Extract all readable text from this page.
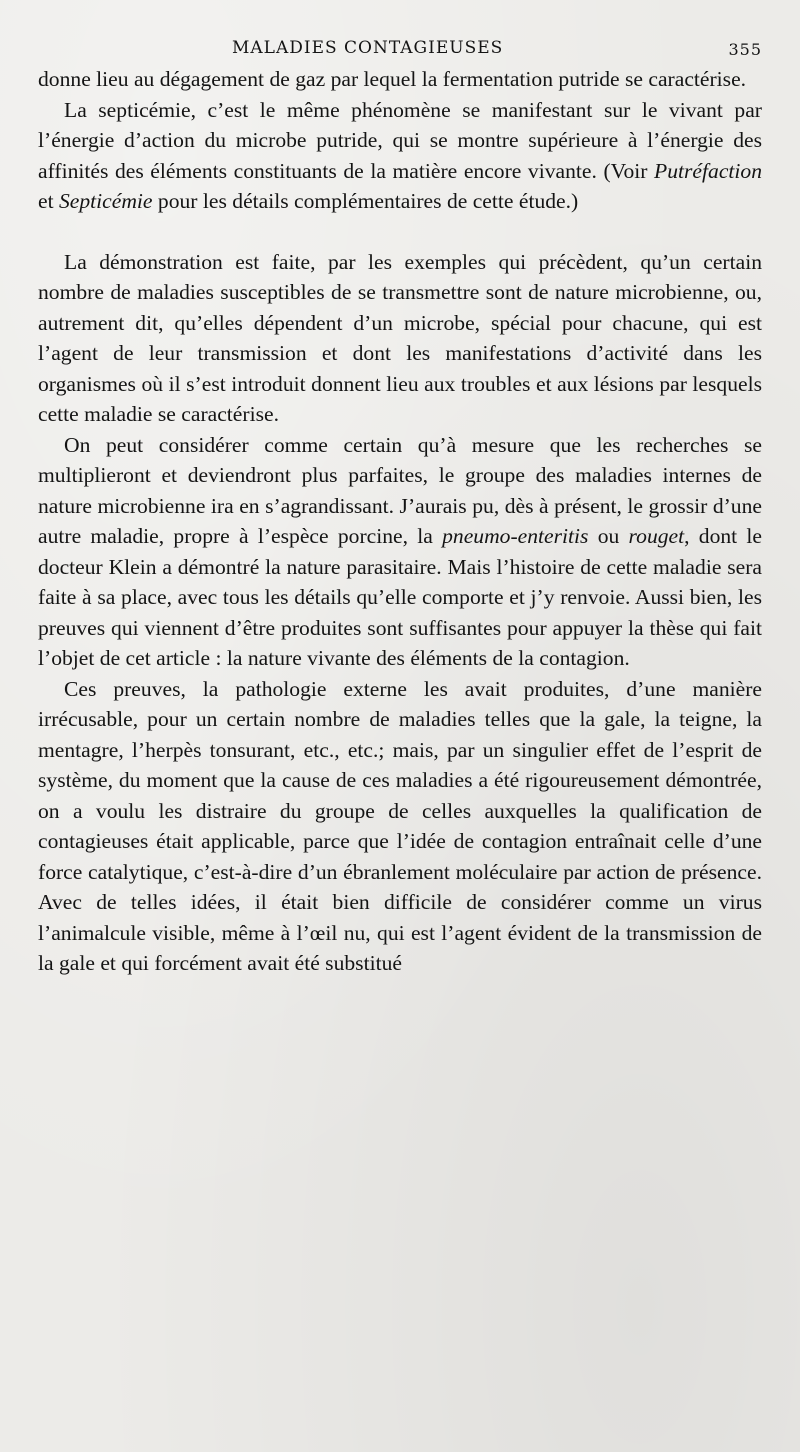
MALADIES CONTAGIEUSES	355

donne lieu au dégagement de gaz par lequel la fermentation putride se caractérise.

La septicémie, c’est le même phénomène se manifestant sur le vivant par l’énergie d’action du microbe putride, qui se montre supérieure à l’énergie des affinités des éléments constituants de la matière encore vivante. (Voir Putréfaction et Septicémie pour les détails complémentaires de cette étude.)

La démonstration est faite, par les exemples qui précèdent, qu’un certain nombre de maladies susceptibles de se transmettre sont de nature microbienne, ou, autrement dit, qu’elles dépendent d’un microbe, spécial pour chacune, qui est l’agent de leur transmission et dont les manifestations d’activité dans les organismes où il s’est introduit donnent lieu aux troubles et aux lésions par lesquels cette maladie se caractérise.

On peut considérer comme certain qu’à mesure que les recherches se multiplieront et deviendront plus parfaites, le groupe des maladies internes de nature microbienne ira en s’agrandissant. J’aurais pu, dès à présent, le grossir d’une autre maladie, propre à l’espèce porcine, la pneumo-enteritis ou rouget, dont le docteur Klein a démontré la nature parasitaire. Mais l’histoire de cette maladie sera faite à sa place, avec tous les détails qu’elle comporte et j’y renvoie. Aussi bien, les preuves qui viennent d’être produites sont suffisantes pour appuyer la thèse qui fait l’objet de cet article : la nature vivante des éléments de la contagion.

Ces preuves, la pathologie externe les avait produites, d’une manière irrécusable, pour un certain nombre de maladies telles que la gale, la teigne, la mentagre, l’herpès tonsurant, etc., etc.; mais, par un singulier effet de l’esprit de système, du moment que la cause de ces maladies a été rigoureusement démontrée, on a voulu les distraire du groupe de celles auxquelles la qualification de contagieuses était applicable, parce que l’idée de contagion entraînait celle d’une force catalytique, c’est-à-dire d’un ébranlement moléculaire par action de présence. Avec de telles idées, il était bien difficile de considérer comme un virus l’animalcule visible, même à l’œil nu, qui est l’agent évident de la transmission de la gale et qui forcément avait été substitué
